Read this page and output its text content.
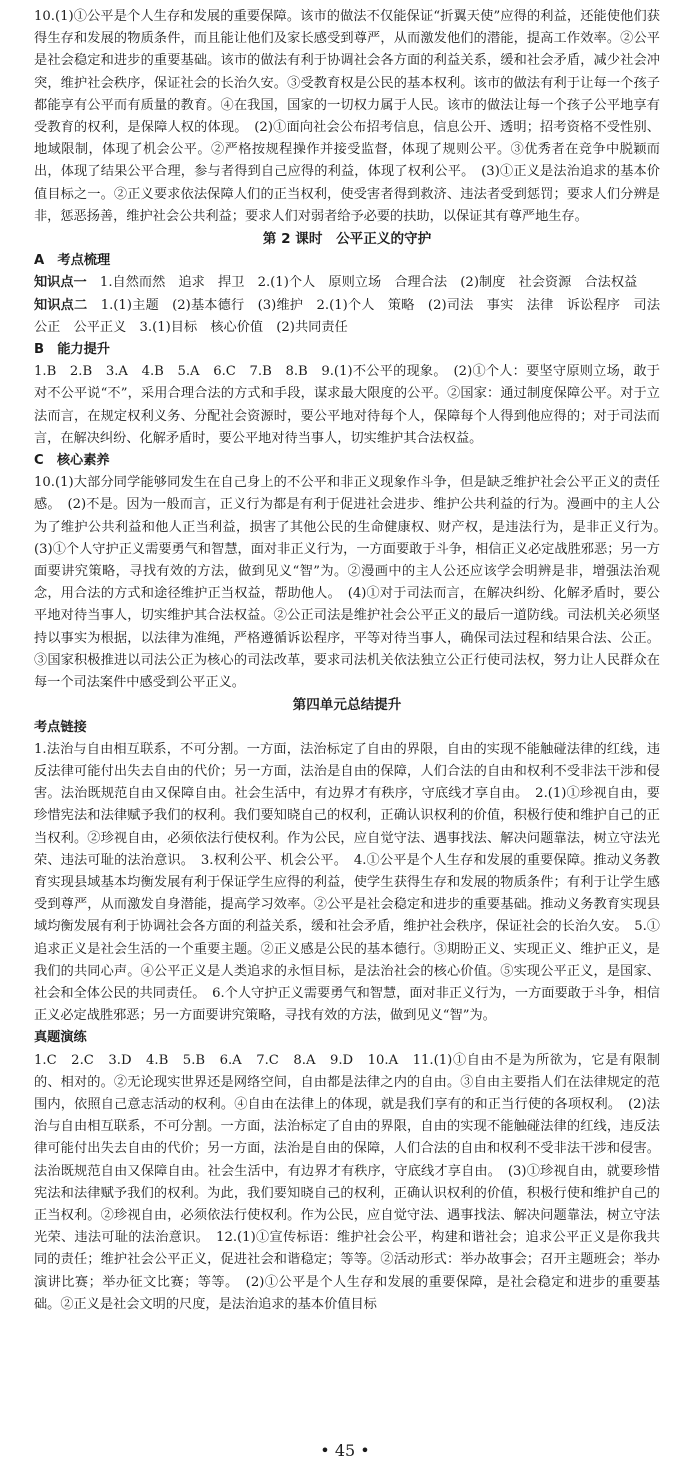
10.(1)①公平是个人生存和发展的重要保障。该市的做法不仅能保证“折翼天使”应得的利益，还能使他们获得生存和发展的物质条件，而且能让他们及家长感受到尊严，从而激发他们的潜能，提高工作效率。②公平是社会稳定和进步的重要基础。该市的做法有利于协调社会各方面的利益关系，缓和社会矛盾，减少社会冲突，维护社会秩序，保证社会的长治久安。③受教育权是公民的基本权利。该市的做法有利于让每一个孩子都能享有公平而有质量的教育。④在我国，国家的一切权力属于人民。该市的做法让每一个孩子公平地享有受教育的权利，是保障人权的体现。　(2)①面向社会公布招考信息，信息公开、透明；招考资格不受性别、地域限制，体现了机会公平。②严格按规程操作并接受监督，体现了规则公平。③优秀者在竞争中脱颖而出，体现了结果公平合理，参与者得到自己应得的利益，体现了权利公平。　(3)①正义是法治追求的基本价值目标之一。②正义要求依法保障人们的正当权利，使受害者得到救济、违法者受到惩罚；要求人们分辨是非，惩恶扬善，维护社会公共利益；要求人们对弱者给予必要的扶助，以保证其有尊严地生存。

第 2 课时　公平正义的守护

A　考点梳理

知识点一　1.自然而然　追求　捍卫　2.(1)个人　原则立场　合理合法　(2)制度　社会资源　合法权益

知识点二　1.(1)主题　(2)基本德行　(3)维护　2.(1)个人　策略　(2)司法　事实　法律　诉讼程序　司法公正　公平正义　3.(1)目标　核心价值　(2)共同责任

B　能力提升

1.B　2.B　3.A　4.B　5.A　6.C　7.B　8.B　9.(1)不公平的现象。　(2)①个人：要坚守原则立场，敢于对不公平说“不”，采用合理合法的方式和手段，谋求最大限度的公平。②国家：通过制度保障公平。对于立法而言，在规定权利义务、分配社会资源时，要公平地对待每个人，保障每个人得到他应得的；对于司法而言，在解决纠纷、化解矛盾时，要公平地对待当事人，切实维护其合法权益。

C　核心素养

10.(1)大部分同学能够同发生在自己身上的不公平和非正义现象作斗争，但是缺乏维护社会公平正义的责任感。　(2)不是。因为一般而言，正义行为都是有利于促进社会进步、维护公共利益的行为。漫画中的主人公为了维护公共利益和他人正当利益，损害了其他公民的生命健康权、财产权，是违法行为，是非正义行为。　(3)①个人守护正义需要勇气和智慧，面对非正义行为，一方面要敢于斗争，相信正义必定战胜邪恶；另一方面要讲究策略，寻找有效的方法，做到见义“智”为。②漫画中的主人公还应该学会明辨是非，增强法治观念，用合法的方式和途径维护正当权益，帮助他人。　(4)①对于司法而言，在解决纠纷、化解矛盾时，要公平地对待当事人，切实维护其合法权益。②公正司法是维护社会公平正义的最后一道防线。司法机关必须坚持以事实为根据，以法律为准绳，严格遵循诉讼程序，平等对待当事人，确保司法过程和结果合法、公正。③国家积极推进以司法公正为核心的司法改革，要求司法机关依法独立公正行使司法权，努力让人民群众在每一个司法案件中感受到公平正义。

第四单元总结提升

考点链接

1.法治与自由相互联系，不可分割。一方面，法治标定了自由的界限，自由的实现不能触碰法律的红线，违反法律可能付出失去自由的代价；另一方面，法治是自由的保障，人们合法的自由和权利不受非法干涉和侵害。法治既规范自由又保障自由。社会生活中，有边界才有秩序，守底线才享自由。　2.(1)①珍视自由，要珍惜宪法和法律赋予我们的权利。我们要知晓自己的权利，正确认识权利的价值，积极行使和维护自己的正当权利。②珍视自由，必须依法行使权利。作为公民，应自觉守法、遇事找法、解决问题靠法，树立守法光荣、违法可耻的法治意识。　3.权利公平、机会公平。　4.①公平是个人生存和发展的重要保障。推动义务教育实现县域基本均衡发展有利于保证学生应得的利益，使学生获得生存和发展的物质条件；有利于让学生感受到尊严，从而激发自身潜能，提高学习效率。②公平是社会稳定和进步的重要基础。推动义务教育实现县域均衡发展有利于协调社会各方面的利益关系，缓和社会矛盾，维护社会秩序，保证社会的长治久安。　5.①追求正义是社会生活的一个重要主题。②正义感是公民的基本德行。③期盼正义、实现正义、维护正义，是我们的共同心声。④公平正义是人类追求的永恒目标，是法治社会的核心价值。⑤实现公平正义，是国家、社会和全体公民的共同责任。　6.个人守护正义需要勇气和智慧，面对非正义行为，一方面要敢于斗争，相信正义必定战胜邪恶；另一方面要讲究策略，寻找有效的方法，做到见义“智”为。

真题演练

1.C　2.C　3.D　4.B　5.B　6.A　7.C　8.A　9.D　10.A　11.(1)①自由不是为所欲为，它是有限制的、相对的。②无论现实世界还是网络空间，自由都是法律之内的自由。③自由主要指人们在法律规定的范围内，依照自己意志活动的权利。④自由在法律上的体现，就是我们享有的和正当行使的各项权利。　(2)法治与自由相互联系，不可分割。一方面，法治标定了自由的界限，自由的实现不能触碰法律的红线，违反法律可能付出失去自由的代价；另一方面，法治是自由的保障，人们合法的自由和权利不受非法干涉和侵害。法治既规范自由又保障自由。社会生活中，有边界才有秩序，守底线才享自由。　(3)①珍视自由，就要珍惜宪法和法律赋予我们的权利。为此，我们要知晓自己的权利，正确认识权利的价值，积极行使和维护自己的正当权利。②珍视自由，必须依法行使权利。作为公民，应自觉守法、遇事找法、解决问题靠法，树立守法光荣、违法可耻的法治意识。　12.(1)①宣传标语：维护社会公平，构建和谐社会；追求公平正义是你我共同的责任；维护社会公平正义，促进社会和谐稳定；等等。②活动形式：举办故事会；召开主题班会；举办演讲比赛；举办征文比赛；等等。　(2)①公平是个人生存和发展的重要保障，是社会稳定和进步的重要基础。②正义是社会文明的尺度，是法治追求的基本价值目标

• 45 •
